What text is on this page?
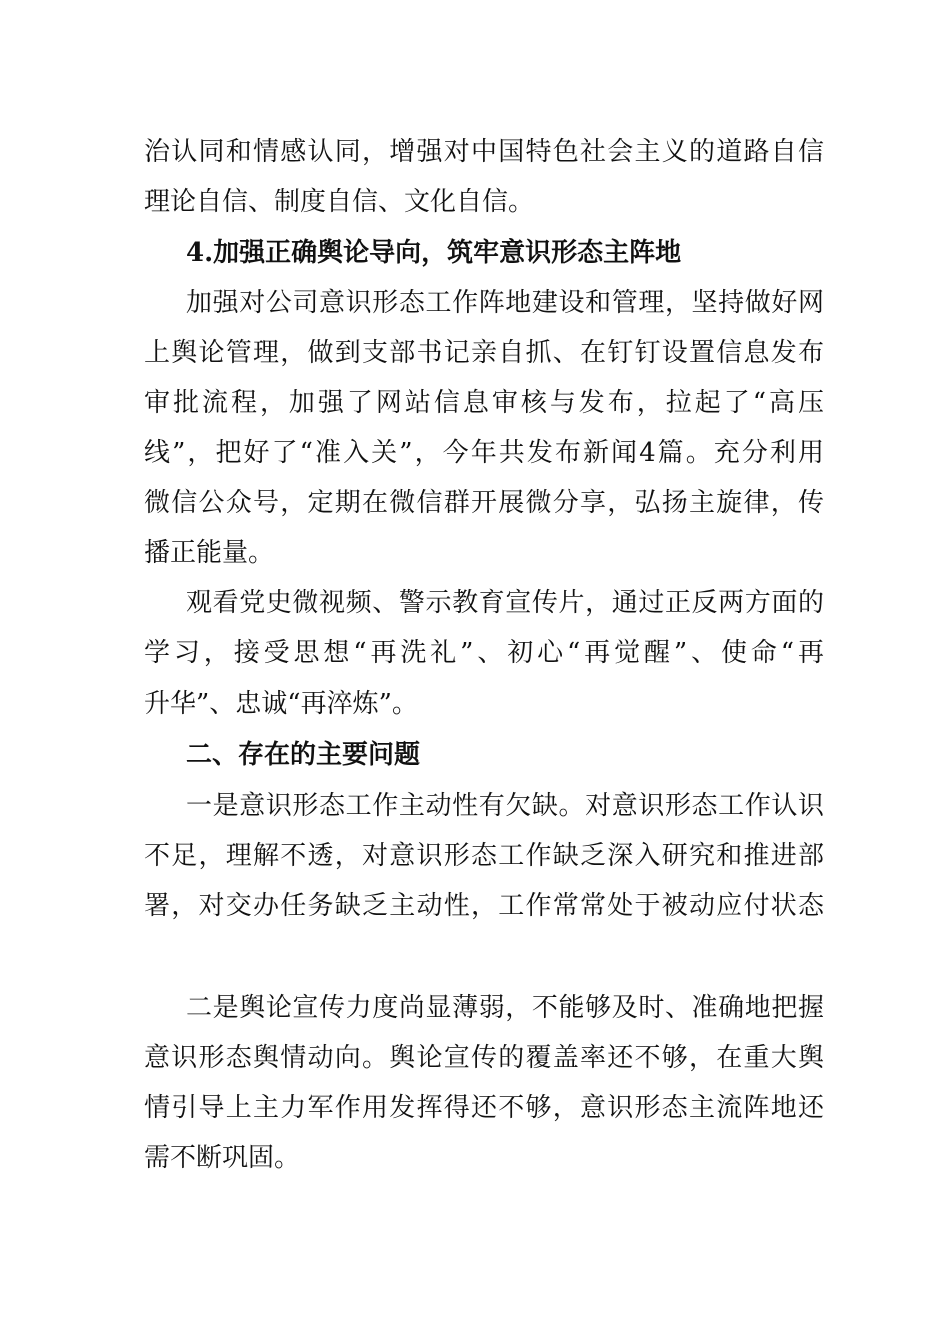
治认同和情感认同，增强对中国特色社会主义的道路自信
理论自信、制度自信、文化自信。
4.加强正确舆论导向，筑牢意识形态主阵地
加强对公司意识形态工作阵地建设和管理，坚持做好网
上舆论管理，做到支部书记亲自抓、在钉钉设置信息发布
审批流程，加强了网站信息审核与发布，拉起了“高压
线”，把好了“准入关”，今年共发布新闻4篇。充分利用
微信公众号，定期在微信群开展微分享，弘扬主旋律，传
播正能量。
观看党史微视频、警示教育宣传片，通过正反两方面的
学习，接受思想“再洗礼”、初心“再觉醒”、使命“再
升华”、忠诚“再淬炼”。
二、存在的主要问题
一是意识形态工作主动性有欠缺。对意识形态工作认识
不足，理解不透，对意识形态工作缺乏深入研究和推进部
署，对交办任务缺乏主动性，工作常常处于被动应付状态
二是舆论宣传力度尚显薄弱，不能够及时、准确地把握
意识形态舆情动向。舆论宣传的覆盖率还不够，在重大舆
情引导上主力军作用发挥得还不够，意识形态主流阵地还
需不断巩固。
